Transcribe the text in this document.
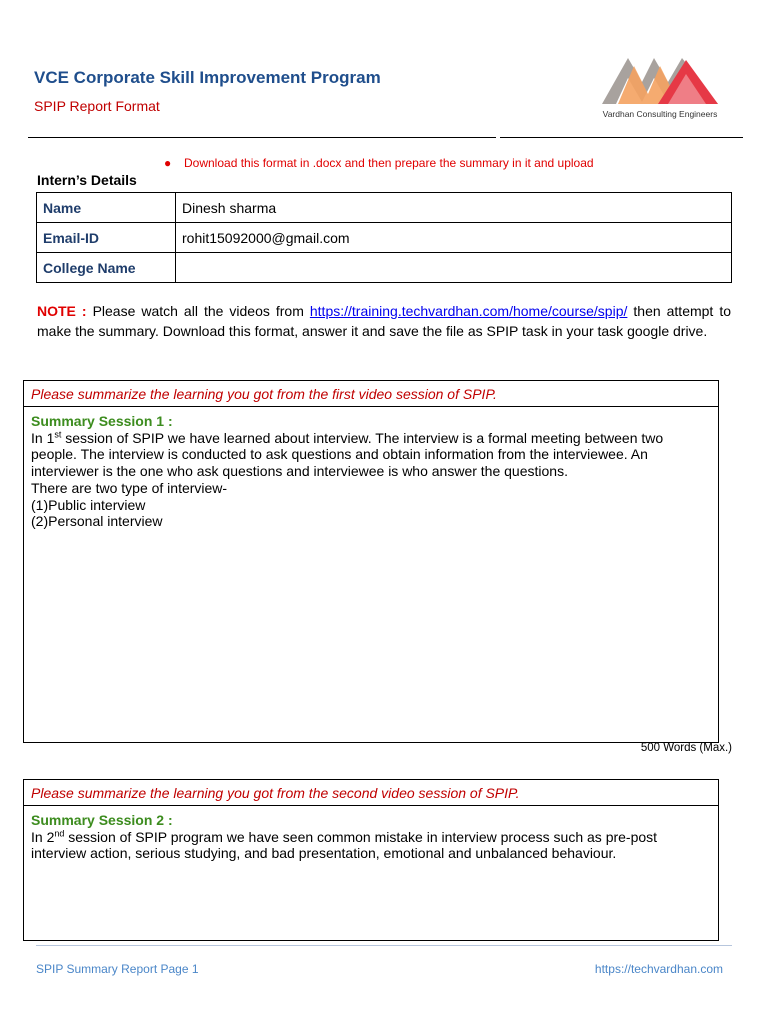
VCE Corporate Skill Improvement Program
SPIP Report Format	Vardhan Consulting Engineers
● Download this format in .docx and then prepare the summary in it and upload
Intern’s Details
Name	Dinesh sharma
Email-ID	rohit15092000@gmail.com
College Name	
NOTE : Please watch all the videos from https://training.techvardhan.com/home/course/spip/ then attempt to make the summary. Download this format, answer it and save the file as SPIP task in your task google drive.
Please summarize the learning you got from the first video session of SPIP.
Summary Session 1 :
In 1st session of SPIP we have learned about interview. The interview is a formal meeting between two people. The interview is conducted to ask questions and obtain information from the interviewee. An interviewer is the one who ask questions and interviewee is who answer the questions.
There are two type of interview-
(1)Public interview
(2)Personal interview
500 Words (Max.)
Please summarize the learning you got from the second video session of SPIP.
Summary Session 2 :
In 2nd session of SPIP program we have seen common mistake in interview process such as pre-post interview action, serious studying, and bad presentation, emotional and unbalanced behaviour.
SPIP Summary Report Page 1	https://techvardhan.com
